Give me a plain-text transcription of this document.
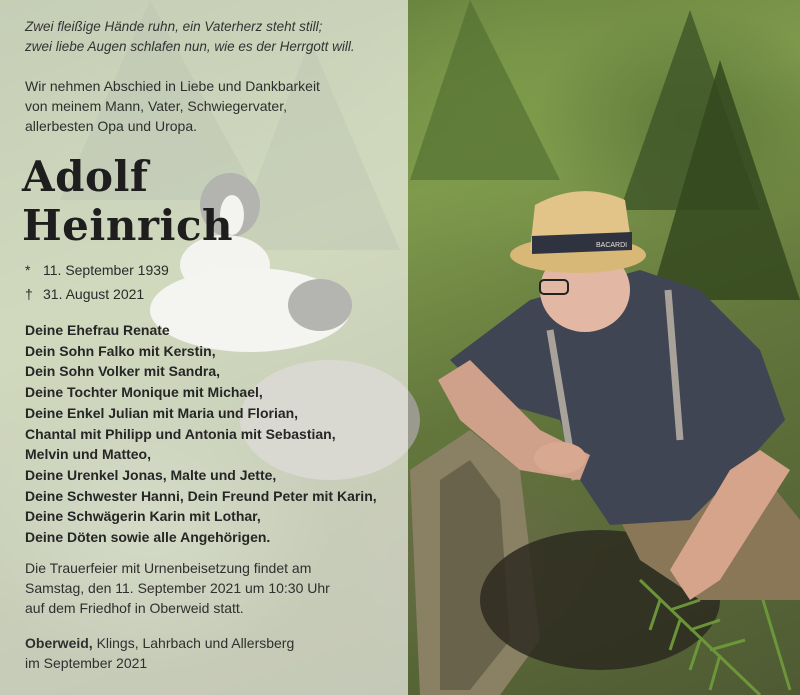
BACARDI
Zwei fleißige Hände ruhn, ein Vaterherz steht still;
zwei liebe Augen schlafen nun, wie es der Herrgott will.
Wir nehmen Abschied in Liebe und Dankbarkeit
von meinem Mann, Vater, Schwiegervater,
allerbesten Opa und Uropa.
Adolf
Heinrich
* 11. September 1939
† 31. August 2021
Deine Ehefrau Renate
Dein Sohn Falko mit Kerstin,
Dein Sohn Volker mit Sandra,
Deine Tochter Monique mit Michael,
Deine Enkel Julian mit Maria und Florian,
Chantal mit Philipp und Antonia mit Sebastian,
Melvin und Matteo,
Deine Urenkel Jonas, Malte und Jette,
Deine Schwester Hanni, Dein Freund Peter mit Karin,
Deine Schwägerin Karin mit Lothar,
Deine Döten sowie alle Angehörigen.
Die Trauerfeier mit Urnenbeisetzung findet am
Samstag, den 11. September 2021 um 10:30 Uhr
auf dem Friedhof in Oberweid statt.
Oberweid, Klings, Lahrbach und Allersberg
im September 2021
